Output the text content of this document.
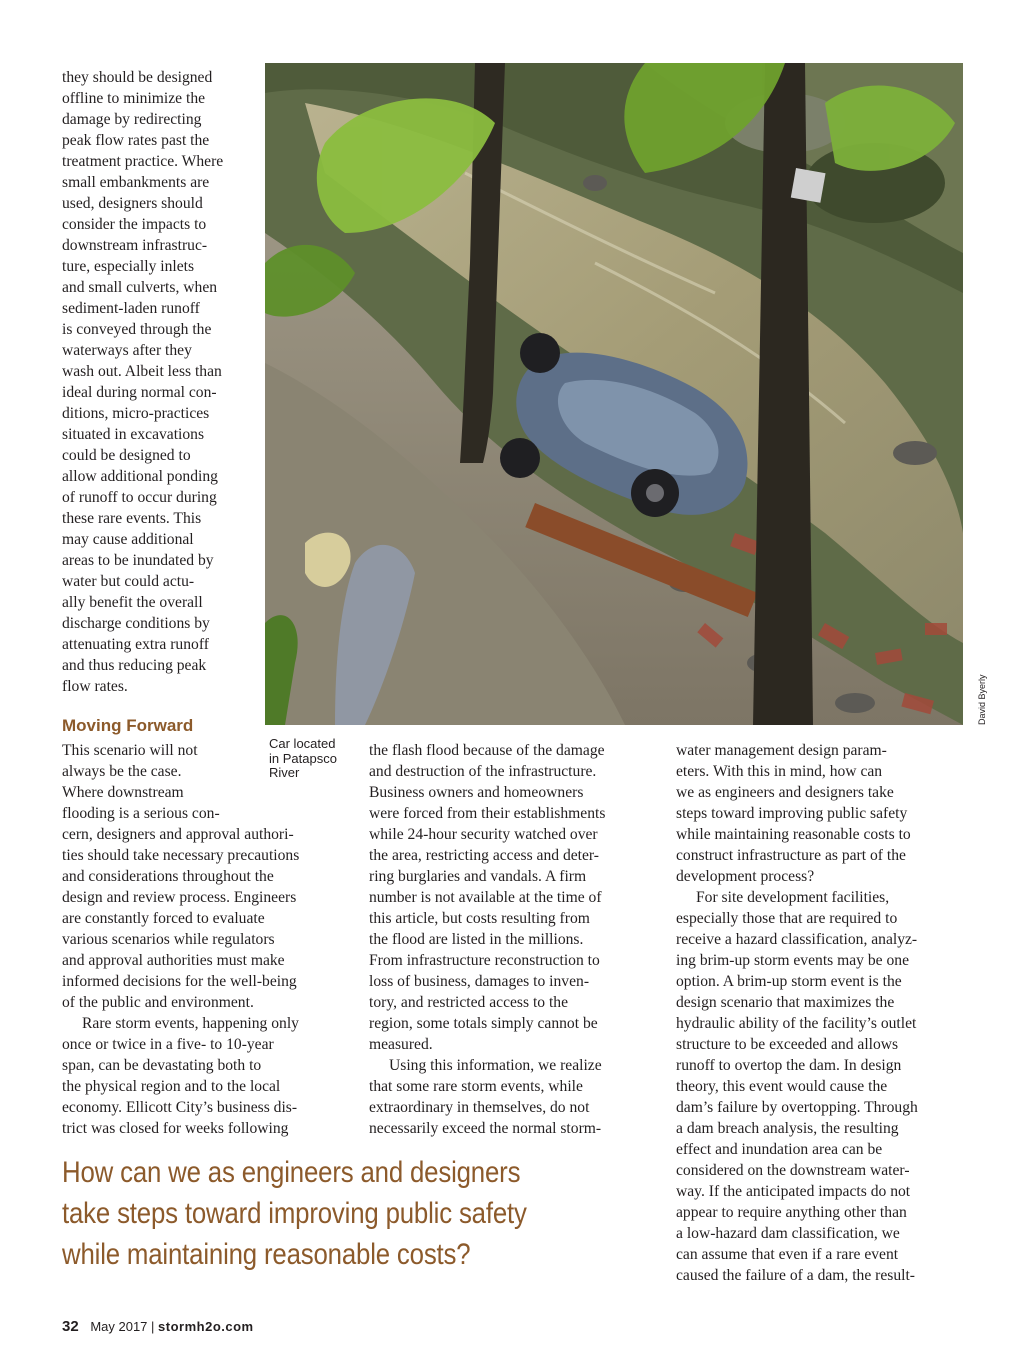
they should be designed
offline to minimize the
damage by redirecting
peak flow rates past the
treatment practice. Where
small embankments are
used, designers should
consider the impacts to
downstream infrastruc-
ture, especially inlets
and small culverts, when
sediment-laden runoff
is conveyed through the
waterways after they
wash out. Albeit less than
ideal during normal con-
ditions, micro-practices
situated in excavations
could be designed to
allow additional ponding
of runoff to occur during
these rare events. This
may cause additional
areas to be inundated by
water but could actu-
ally benefit the overall
discharge conditions by
attenuating extra runoff
and thus reducing peak
flow rates.	David Byerly
Moving Forward
Car located
in Patapsco
River

This scenario will not
always be the case.
Where downstream
flooding is a serious con-
cern, designers and approval authori-
ties should take necessary precautions
and considerations throughout the
design and review process. Engineers
are constantly forced to evaluate
various scenarios while regulators
and approval authorities must make
informed decisions for the well-being
of the public and environment.
Rare storm events, happening only
once or twice in a five- to 10-year
span, can be devastating both to
the physical region and to the local
economy. Ellicott City’s business dis-
trict was closed for weeks following

the flash flood because of the damage
and destruction of the infrastructure.
Business owners and homeowners
were forced from their establishments
while 24-hour security watched over
the area, restricting access and deter-
ring burglaries and vandals. A firm
number is not available at the time of
this article, but costs resulting from
the flood are listed in the millions.
From infrastructure reconstruction to
loss of business, damages to inven-
tory, and restricted access to the
region, some totals simply cannot be
measured.
Using this information, we realize
that some rare storm events, while
extraordinary in themselves, do not
necessarily exceed the normal storm-

water management design param-
eters. With this in mind, how can
we as engineers and designers take
steps toward improving public safety
while maintaining reasonable costs to
construct infrastructure as part of the
development process?
For site development facilities,
especially those that are required to
receive a hazard classification, analyz-
ing brim-up storm events may be one
option. A brim-up storm event is the
design scenario that maximizes the
hydraulic ability of the facility’s outlet
structure to be exceeded and allows
runoff to overtop the dam. In design
theory, this event would cause the
dam’s failure by overtopping. Through
a dam breach analysis, the resulting
effect and inundation area can be
considered on the downstream water-
way. If the anticipated impacts do not
appear to require anything other than
a low-hazard dam classification, we
can assume that even if a rare event
caused the failure of a dam, the result-

How can we as engineers and designers
take steps toward improving public safety
while maintaining reasonable costs?
32 May 2017 | stormh2o.com
